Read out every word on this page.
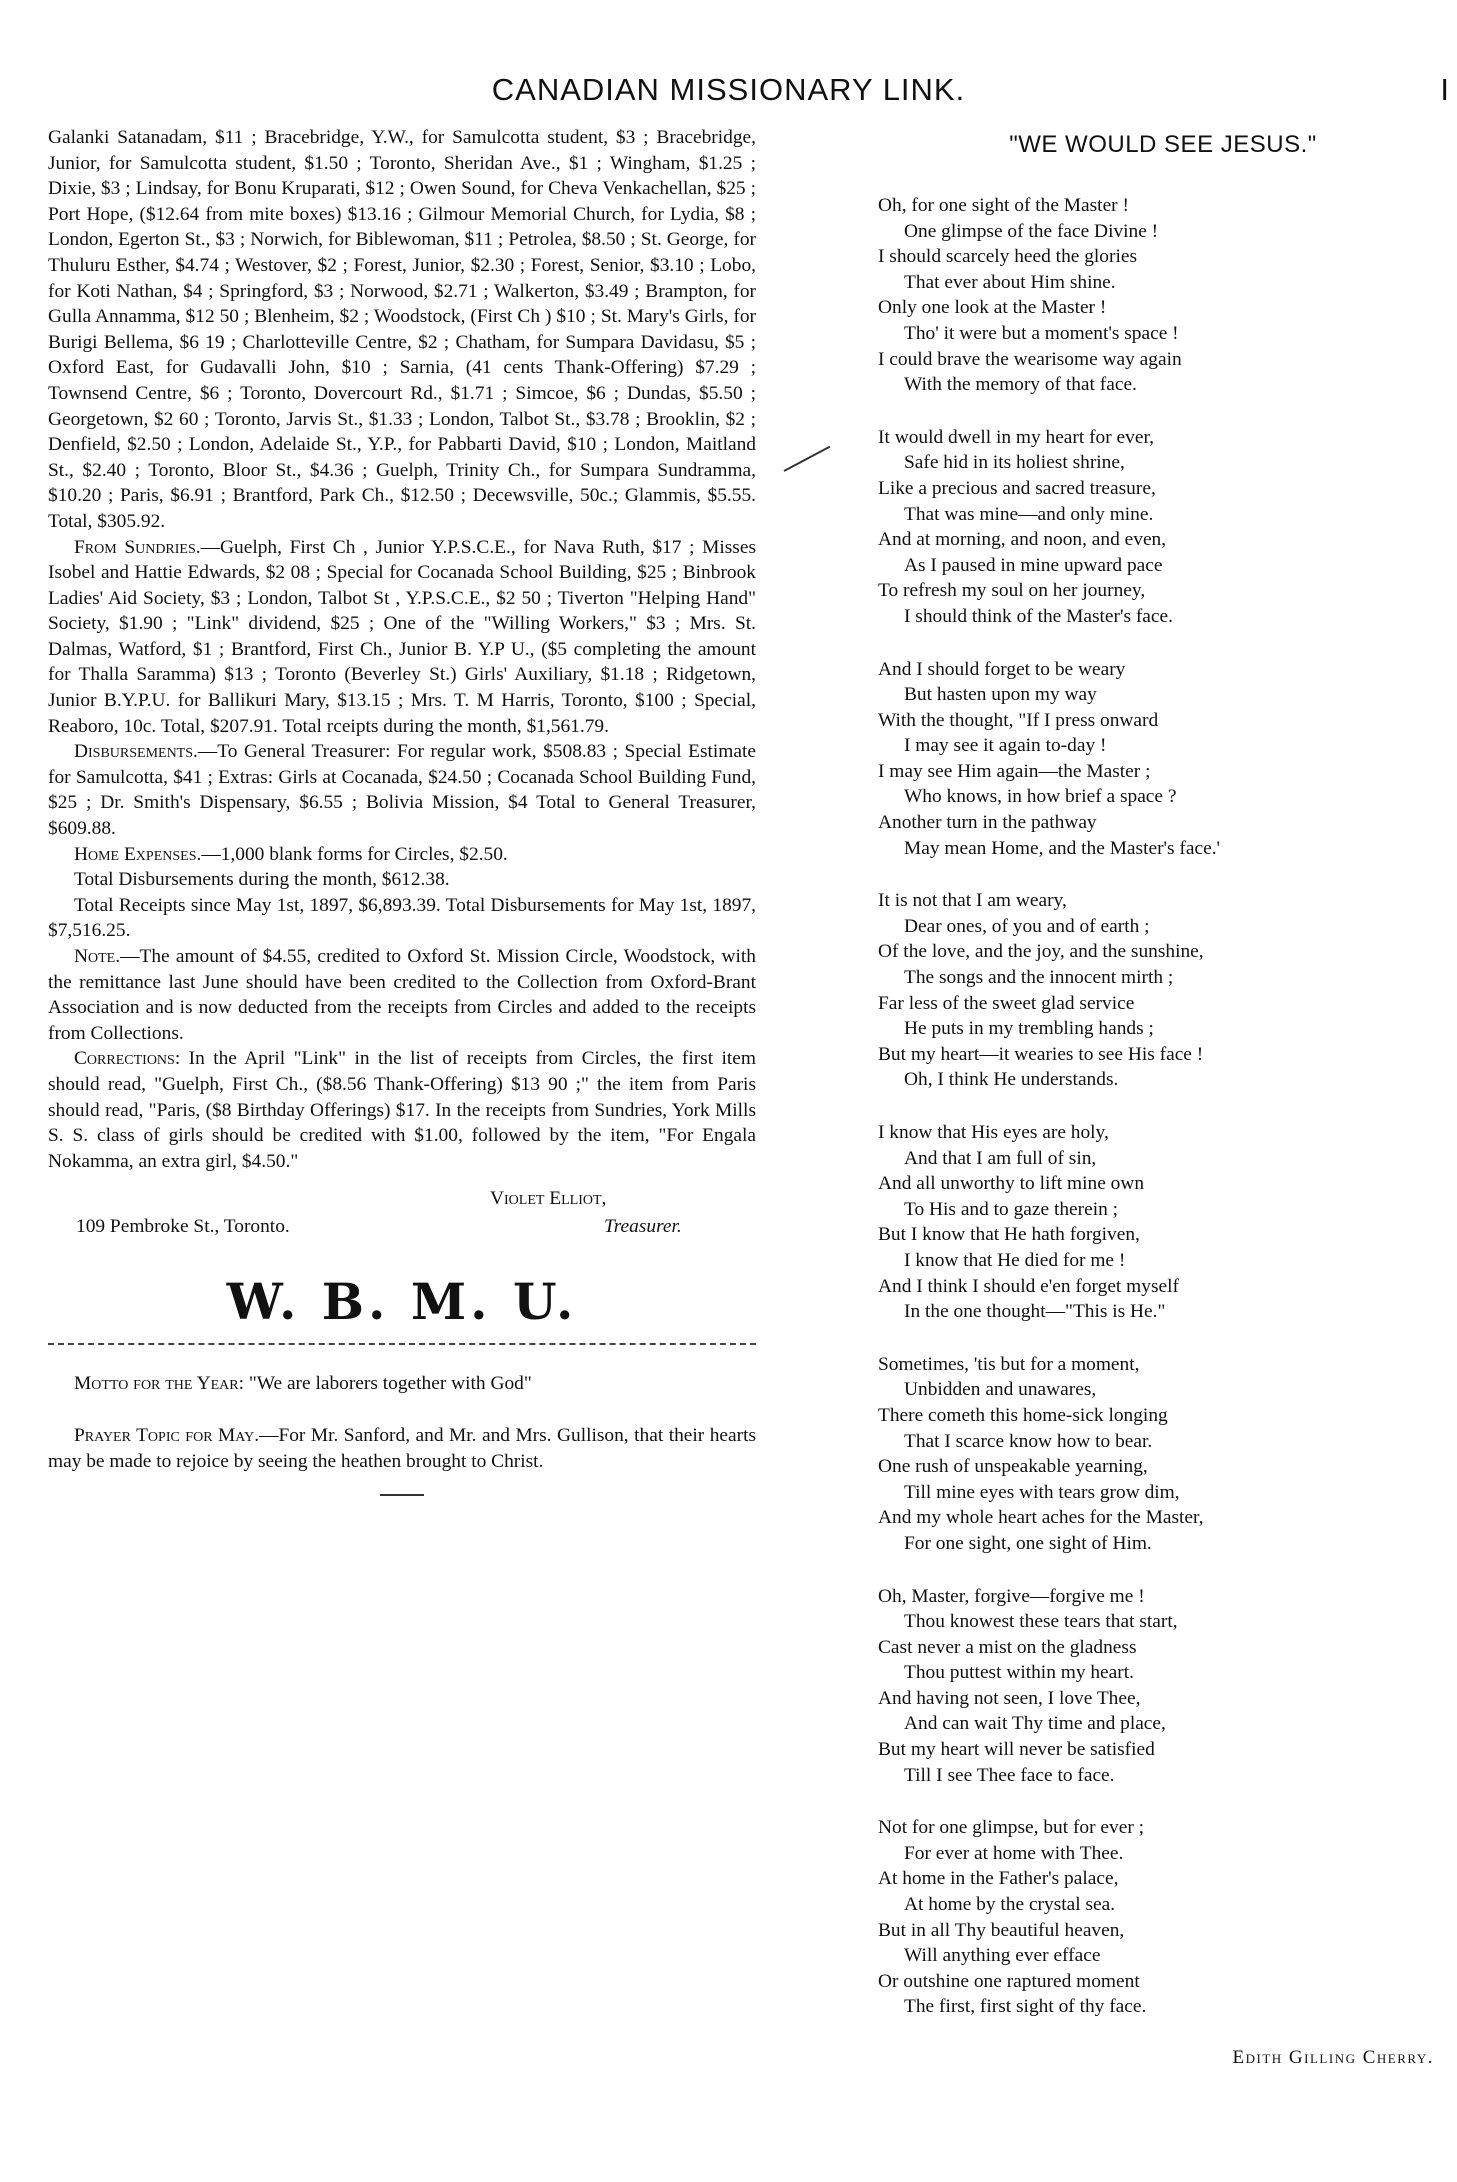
CANADIAN MISSIONARY LINK.	I

Galanki Satanadam, $11 ; Bracebridge, Y.W., for Samulcotta student, $3 ; Bracebridge, Junior, for Samulcotta student, $1.50 ; Toronto, Sheridan Ave., $1 ; Wingham, $1.25 ; Dixie, $3 ; Lindsay, for Bonu Kruparati, $12 ; Owen Sound, for Cheva Venkachellan, $25 ; Port Hope, ($12.64 from mite boxes) $13.16 ; Gilmour Memorial Church, for Lydia, $8 ; London, Egerton St., $3 ; Norwich, for Biblewoman, $11 ; Petrolea, $8.50 ; St. George, for Thuluru Esther, $4.74 ; Westover, $2 ; Forest, Junior, $2.30 ; Forest, Senior, $3.10 ; Lobo, for Koti Nathan, $4 ; Springford, $3 ; Norwood, $2.71 ; Walkerton, $3.49 ; Brampton, for Gulla Annamma, $12 50 ; Blenheim, $2 ; Woodstock, (First Ch ) $10 ; St. Mary's Girls, for Burigi Bellema, $6 19 ; Charlotteville Centre, $2 ; Chatham, for Sumpara Davidasu, $5 ; Oxford East, for Gudavalli John, $10 ; Sarnia, (41 cents Thank-Offering) $7.29 ; Townsend Centre, $6 ; Toronto, Dovercourt Rd., $1.71 ; Simcoe, $6 ; Dundas, $5.50 ; Georgetown, $2 60 ; Toronto, Jarvis St., $1.33 ; London, Talbot St., $3.78 ; Brooklin, $2 ; Denfield, $2.50 ; London, Adelaide St., Y.P., for Pabbarti David, $10 ; London, Maitland St., $2.40 ; Toronto, Bloor St., $4.36 ; Guelph, Trinity Ch., for Sumpara Sundramma, $10.20 ; Paris, $6.91 ; Brantford, Park Ch., $12.50 ; Decewsville, 50c.; Glammis, $5.55. Total, $305.92.

From Sundries.—Guelph, First Ch , Junior Y.P.S.C.E., for Nava Ruth, $17 ; Misses Isobel and Hattie Edwards, $2 08 ; Special for Cocanada School Building, $25 ; Binbrook Ladies' Aid Society, $3 ; London, Talbot St , Y.P.S.C.E., $2 50 ; Tiverton "Helping Hand" Society, $1.90 ; "Link" dividend, $25 ; One of the "Willing Workers," $3 ; Mrs. St. Dalmas, Watford, $1 ; Brantford, First Ch., Junior B. Y.P U., ($5 completing the amount for Thalla Saramma) $13 ; Toronto (Beverley St.) Girls' Auxiliary, $1.18 ; Ridgetown, Junior B.Y.P.U. for Ballikuri Mary, $13.15 ; Mrs. T. M Harris, Toronto, $100 ; Special, Reaboro, 10c. Total, $207.91. Total rceipts during the month, $1,561.79.

Disbursements.—To General Treasurer: For regular work, $508.83 ; Special Estimate for Samulcotta, $41 ; Extras: Girls at Cocanada, $24.50 ; Cocanada School Building Fund, $25 ; Dr. Smith's Dispensary, $6.55 ; Bolivia Mission, $4 Total to General Treasurer, $609.88.

Home Expenses.—1,000 blank forms for Circles, $2.50.

Total Disbursements during the month, $612.38.

Total Receipts since May 1st, 1897, $6,893.39. Total Disbursements for May 1st, 1897, $7,516.25.

Note.—The amount of $4.55, credited to Oxford St. Mission Circle, Woodstock, with the remittance last June should have been credited to the Collection from Oxford-Brant Association and is now deducted from the receipts from Circles and added to the receipts from Collections.

Corrections: In the April "Link" in the list of receipts from Circles, the first item should read, "Guelph, First Ch., ($8.56 Thank-Offering) $13 90 ;" the item from Paris should read, "Paris, ($8 Birthday Offerings) $17. In the receipts from Sundries, York Mills S. S. class of girls should be credited with $1.00, followed by the item, "For Engala Nokamma, an extra girl, $4.50."

Violet Elliot,
109 Pembroke St., Toronto.	Treasurer.
W. B. M. U.

Motto for the Year: "We are laborers together with God"

Prayer Topic for May.—For Mr. Sanford, and Mr. and Mrs. Gullison, that their hearts may be made to rejoice by seeing the heathen brought to Christ.

"WE WOULD SEE JESUS."
Oh, for one sight of the Master !
One glimpse of the face Divine !
I should scarcely heed the glories
That ever about Him shine.
Only one look at the Master !
Tho' it were but a moment's space !
I could brave the wearisome way again
With the memory of that face.
It would dwell in my heart for ever,
Safe hid in its holiest shrine,
Like a precious and sacred treasure,
That was mine—and only mine.
And at morning, and noon, and even,
As I paused in mine upward pace
To refresh my soul on her journey,
I should think of the Master's face.
And I should forget to be weary
But hasten upon my way
With the thought, "If I press onward
I may see it again to-day !
I may see Him again—the Master ;
Who knows, in how brief a space ?
Another turn in the pathway
May mean Home, and the Master's face.'
It is not that I am weary,
Dear ones, of you and of earth ;
Of the love, and the joy, and the sunshine,
The songs and the innocent mirth ;
Far less of the sweet glad service
He puts in my trembling hands ;
But my heart—it wearies to see His face !
Oh, I think He understands.
I know that His eyes are holy,
And that I am full of sin,
And all unworthy to lift mine own
To His and to gaze therein ;
But I know that He hath forgiven,
I know that He died for me !
And I think I should e'en forget myself
In the one thought—"This is He."
Sometimes, 'tis but for a moment,
Unbidden and unawares,
There cometh this home-sick longing
That I scarce know how to bear.
One rush of unspeakable yearning,
Till mine eyes with tears grow dim,
And my whole heart aches for the Master,
For one sight, one sight of Him.
Oh, Master, forgive—forgive me !
Thou knowest these tears that start,
Cast never a mist on the gladness
Thou puttest within my heart.
And having not seen, I love Thee,
And can wait Thy time and place,
But my heart will never be satisfied
Till I see Thee face to face.
Not for one glimpse, but for ever ;
For ever at home with Thee.
At home in the Father's palace,
At home by the crystal sea.
But in all Thy beautiful heaven,
Will anything ever efface
Or outshine one raptured moment
The first, first sight of thy face.
Edith Gilling Cherry.
